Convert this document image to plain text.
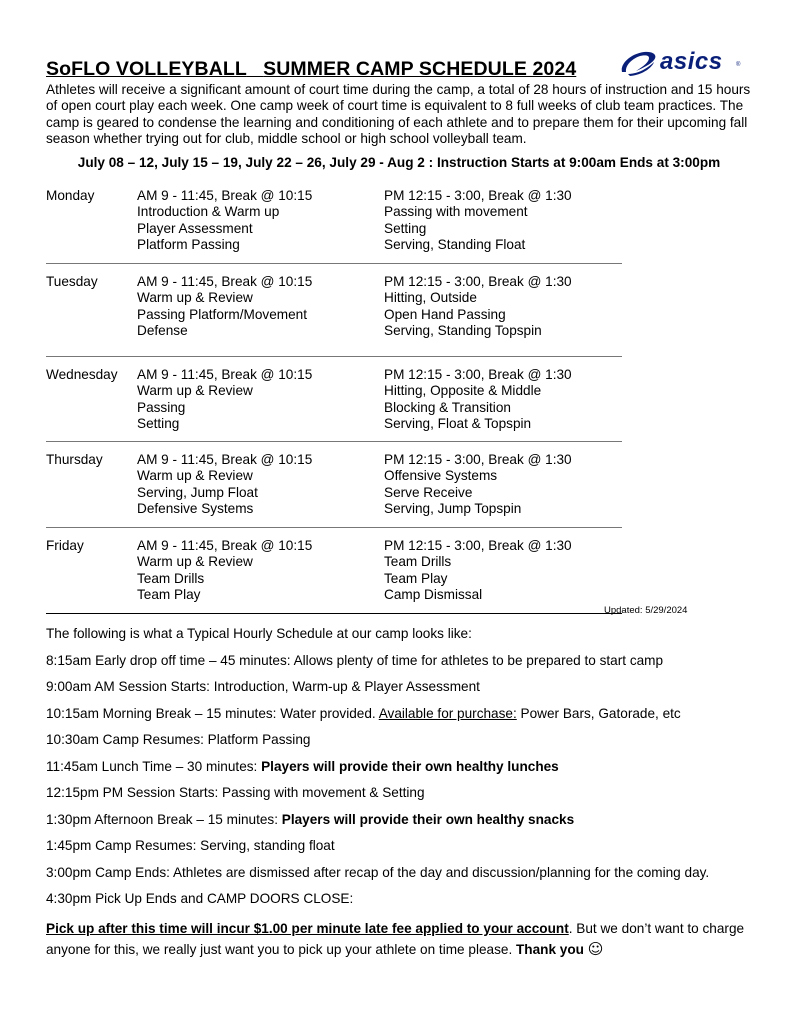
SoFLO VOLLEYBALL SUMMER CAMP SCHEDULE 2024	asics ®

Athletes will receive a significant amount of court time during the camp, a total of 28 hours of instruction and 15 hours of open court play each week. One camp week of court time is equivalent to 8 full weeks of club team practices. The camp is geared to condense the learning and conditioning of each athlete and to prepare them for their upcoming fall season whether trying out for club, middle school or high school volleyball team.

July 08 – 12, July 15 – 19, July 22 – 26, July 29 - Aug 2 : Instruction Starts at 9:00am Ends at 3:00pm

Monday	AM 9 - 11:45, Break @ 10:15
Introduction & Warm up
Player Assessment
Platform Passing
PM 12:15 - 3:00, Break @ 1:30
Passing with movement
Setting
Serving, Standing Float
Tuesday	AM 9 - 11:45, Break @ 10:15
Warm up & Review
Passing Platform/Movement
Defense
PM 12:15 - 3:00, Break @ 1:30
Hitting, Outside
Open Hand Passing
Serving, Standing Topspin
Wednesday AM 9 - 11:45, Break @ 10:15
Warm up & Review
Passing
Setting
PM 12:15 - 3:00, Break @ 1:30
Hitting, Opposite & Middle
Blocking & Transition
Serving, Float & Topspin
Thursday	AM 9 - 11:45, Break @ 10:15
Warm up & Review
Serving, Jump Float
Defensive Systems
PM 12:15 - 3:00, Break @ 1:30
Offensive Systems
Serve Receive
Serving, Jump Topspin
Friday	AM 9 - 11:45, Break @ 10:15
Warm up & Review
Team Drills
Team Play
PM 12:15 - 3:00, Break @ 1:30
Team Drills
Team Play
Camp Dismissal
Updated: 5/29/2024

The following is what a Typical Hourly Schedule at our camp looks like:

8:15am Early drop off time – 45 minutes: Allows plenty of time for athletes to be prepared to start camp

9:00am AM Session Starts: Introduction, Warm-up & Player Assessment

10:15am Morning Break – 15 minutes: Water provided. Available for purchase: Power Bars, Gatorade, etc

10:30am Camp Resumes: Platform Passing

11:45am Lunch Time – 30 minutes: Players will provide their own healthy lunches

12:15pm PM Session Starts: Passing with movement & Setting

1:30pm Afternoon Break – 15 minutes: Players will provide their own healthy snacks

1:45pm Camp Resumes: Serving, standing float

3:00pm Camp Ends: Athletes are dismissed after recap of the day and discussion/planning for the coming day.

4:30pm Pick Up Ends and CAMP DOORS CLOSE:

Pick up after this time will incur $1.00 per minute late fee applied to your account. But we don’t want to charge anyone for this, we really just want you to pick up your athlete on time please. Thank you ☺
